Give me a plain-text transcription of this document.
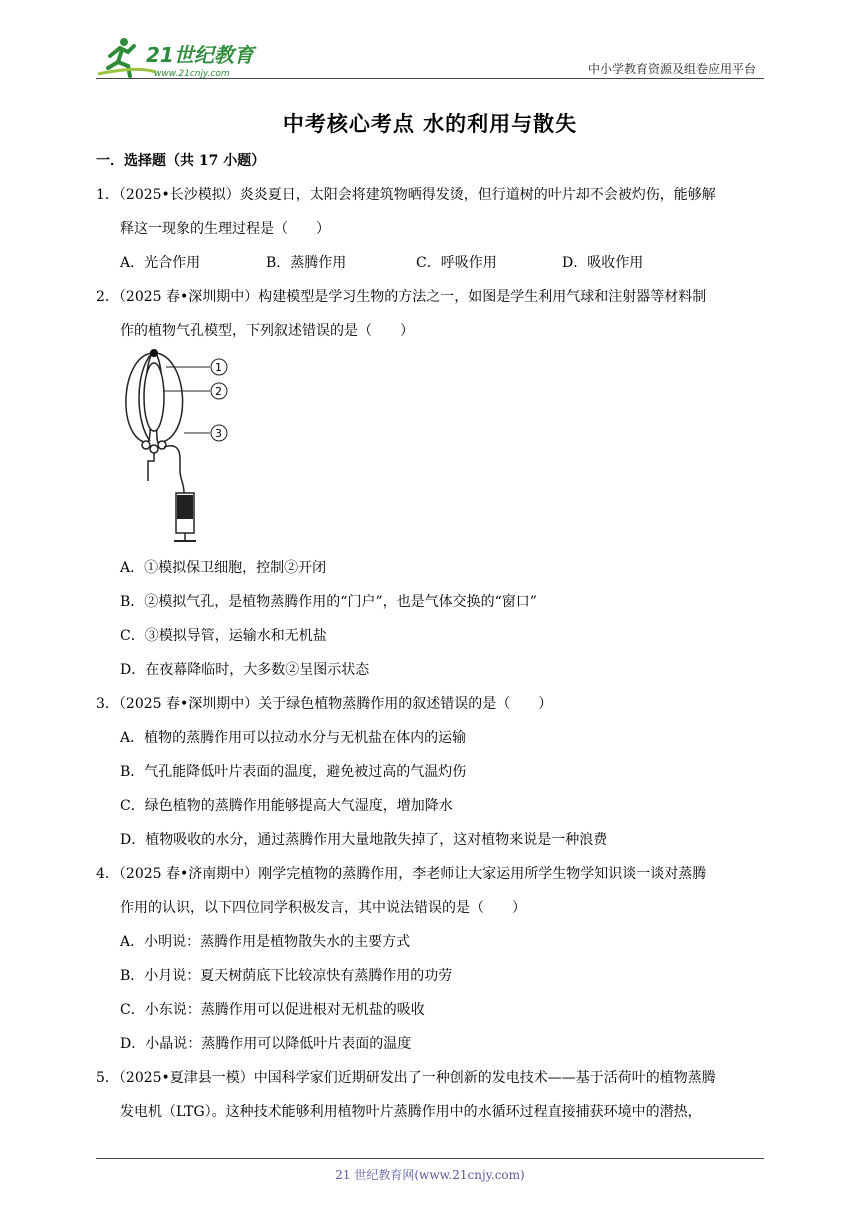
21世纪教育
www.21cnjy.com	中小学教育资源及组卷应用平台
中考核心考点 水的利用与散失
一．选择题（共 17 小题）
1．（2025•长沙模拟）炎炎夏日，太阳会将建筑物晒得发烫，但行道树的叶片却不会被灼伤，能够解
释这一现象的生理过程是（　　）
A．光合作用	B．蒸腾作用	C．呼吸作用	D．吸收作用
2．（2025 春•深圳期中）构建模型是学习生物的方法之一，如图是学生利用气球和注射器等材料制
作的植物气孔模型，下列叙述错误的是（　　）
1
2
3
A．①模拟保卫细胞，控制②开闭
B．②模拟气孔，是植物蒸腾作用的“门户”，也是气体交换的“窗口”
C．③模拟导管，运输水和无机盐
D．在夜幕降临时，大多数②呈图示状态
3．（2025 春•深圳期中）关于绿色植物蒸腾作用的叙述错误的是（　　）
A．植物的蒸腾作用可以拉动水分与无机盐在体内的运输
B．气孔能降低叶片表面的温度，避免被过高的气温灼伤
C．绿色植物的蒸腾作用能够提高大气湿度，增加降水
D．植物吸收的水分，通过蒸腾作用大量地散失掉了，这对植物来说是一种浪费
4．（2025 春•济南期中）刚学完植物的蒸腾作用，李老师让大家运用所学生物学知识谈一谈对蒸腾
作用的认识，以下四位同学积极发言，其中说法错误的是（　　）
A．小明说：蒸腾作用是植物散失水的主要方式
B．小月说：夏天树荫底下比较凉快有蒸腾作用的功劳
C．小东说：蒸腾作用可以促进根对无机盐的吸收
D．小晶说：蒸腾作用可以降低叶片表面的温度
5．（2025•夏津县一模）中国科学家们近期研发出了一种创新的发电技术——基于活荷叶的植物蒸腾
发电机（LTG）。这种技术能够利用植物叶片蒸腾作用中的水循环过程直接捕获环境中的潜热，
21 世纪教育网(www.21cnjy.com)
